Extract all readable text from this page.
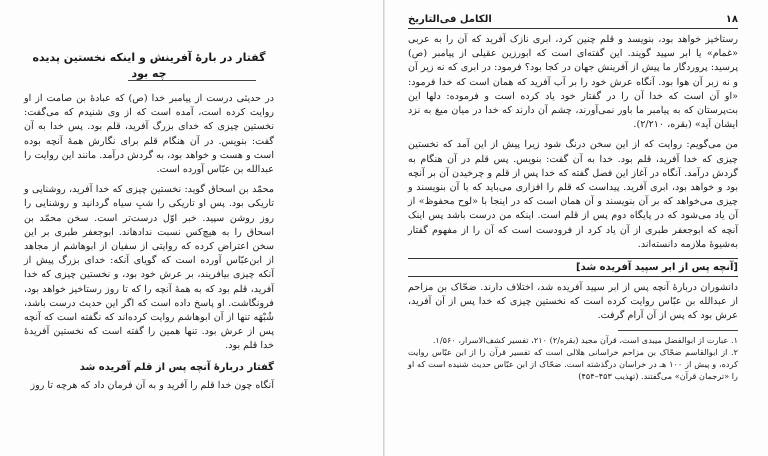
گفتار در بارهٔ آفرینش و اینکه نخستین پدیده چه بود

در حدیثی درست از پیامبر خدا (ص) که عبادهٔ بن صامت از او روایت کرده است، آمده است که از وی شنیدم که می‌گفت: نخستین چیزی که خدای بزرگ آفرید، قلم بود. پس خدا به آن گفت: بنویس. در آن هنگام قلم برای نگارش همهٔ آنچه بوده است و هست و خواهد بود، به گردش درآمد. مانند این روایت را عبدالله بن عبّاس آورده است.

محمّد بن اسحاق گوید: نخستین چیزی که خدا آفرید، روشنایی و تاریکی بود. پس او تاریکی را شبِ سیاه گردانید و روشنایی را روز روشن سپید. خبر اوّل درست‌تر است. سخن محمّد بن اسحاق را به هیچ‌کس نسبت ندادهاند. ابوجعفر طبری بر این سخن اعتراض کرده که روایتی از سفیان از ابوهاشم از مجاهد از ابن‌عبّاس آورده است که گویای آنکه: خدای بزرگ پیش از آنکه چیزی بیافریند، بر عرش خود بود، و نخستین چیزی که خدا آفرید، قلم بود که به همهٔ آنچه را که تا روز رستاخیز خواهد بود، فرونگاشت. او پاسخ داده است که اگر این حدیث درست باشد، شُبْهَه تنها از آن ابوهاشم روایت کرده‌اند که نگفته است که آنچه پس از عرش بود. تنها همین را گفته است که نخستین آفریدهٔ خدا قلم بود.

گفتار دربارهٔ آنچه پس از قلم آفریده شد

آنگاه چون خدا قلم را آفرید و به آن فرمان داد که هرچه تا روز

۱۸
الکامل فی‌التاریخ

رستاخیز خواهد بود، بنویسد و قلم چنین کرد، ابری نازک آفرید که آن را به عربی «غمام» یا ابر سپید گویند. این گفته‌ای است که ابورزین عقیلی از پیامبر (ص) پرسید: پروردگار ما پیش از آفرینش جهان در کجا بود؟ فرمود: در ابری که نه زیر آن و نه زبر آن هوا بود. آنگاه عرش خود را بر آب آفرید که همان است که خدا فرمود: «او آن است که خدا آن را در گفتار خود یاد کرده است و فرموده: دلها این بت‌پرستان که به پیامبر ما باور نمی‌آورند، چشم آن دارند که خدا در میان میغ به نزد ایشان آید» (بقره، ۲/۲۱۰).

من می‌گویم: روایت که از این سخن درنگ شود زیرا پیش از این آمد که نخستین چیزی که خدا آفرید، قلم بود. خدا به آن گفت: بنویس. پس قلم در آن هنگام به گردش درآمد. آنگاه در آغاز این فصل گفته که خدا پس از قلم و چرخیدن آن بر آنچه بود و خواهد بود، ابری آفرید. پیداست که قلم را افزاری می‌باید که با آن بنویسند و چیزی می‌خواهد که بر آن بنویسند و آن همان است که در اینجا با «لوح محفوظ» از آن یاد می‌شود که در پایگاه دوم پس از قلم است. اینکه من درست باشد پس اینک آنچه که ابوجعفر طبری از آن یاد کرد از فرودست است که آن را از مفهوم گفتار به‌شیوهٔ ملازمه دانسته‌اند.

[آنچه پس از ابر سپید آفریده شد]

دانشوران دربارهٔ آنچه پس از ابر سپید آفریده شد، اختلاف دارند. ضحّاک بن مزاحم از عبدالله بن عبّاس روایت کرده است که نخستین چیزی که خدا پس از آن آفرید، عرش بود که پس از آن آرام گرفت.

۱. عبارت از ابوالفضل میبدی است، قرآن مجید (بقره/۲) ۲۱۰، تفسیر کشف‌الاسرار، ۱/۵۶۰.

۲. از ابوالقاسم ضحّاک بن مزاحم خراسانی هلالی است که تفسیر قرآن را از ابن عبّاس روایت کرده، و پیش از ۱۰۰ هـ در خراسان درگذشته است. ضحّاک از ابن عبّاس حدیث شنیده است که او را «ترجمان قرآن» می‌گفتند. (تهذیب ۴۵۳–۴۵۴)
